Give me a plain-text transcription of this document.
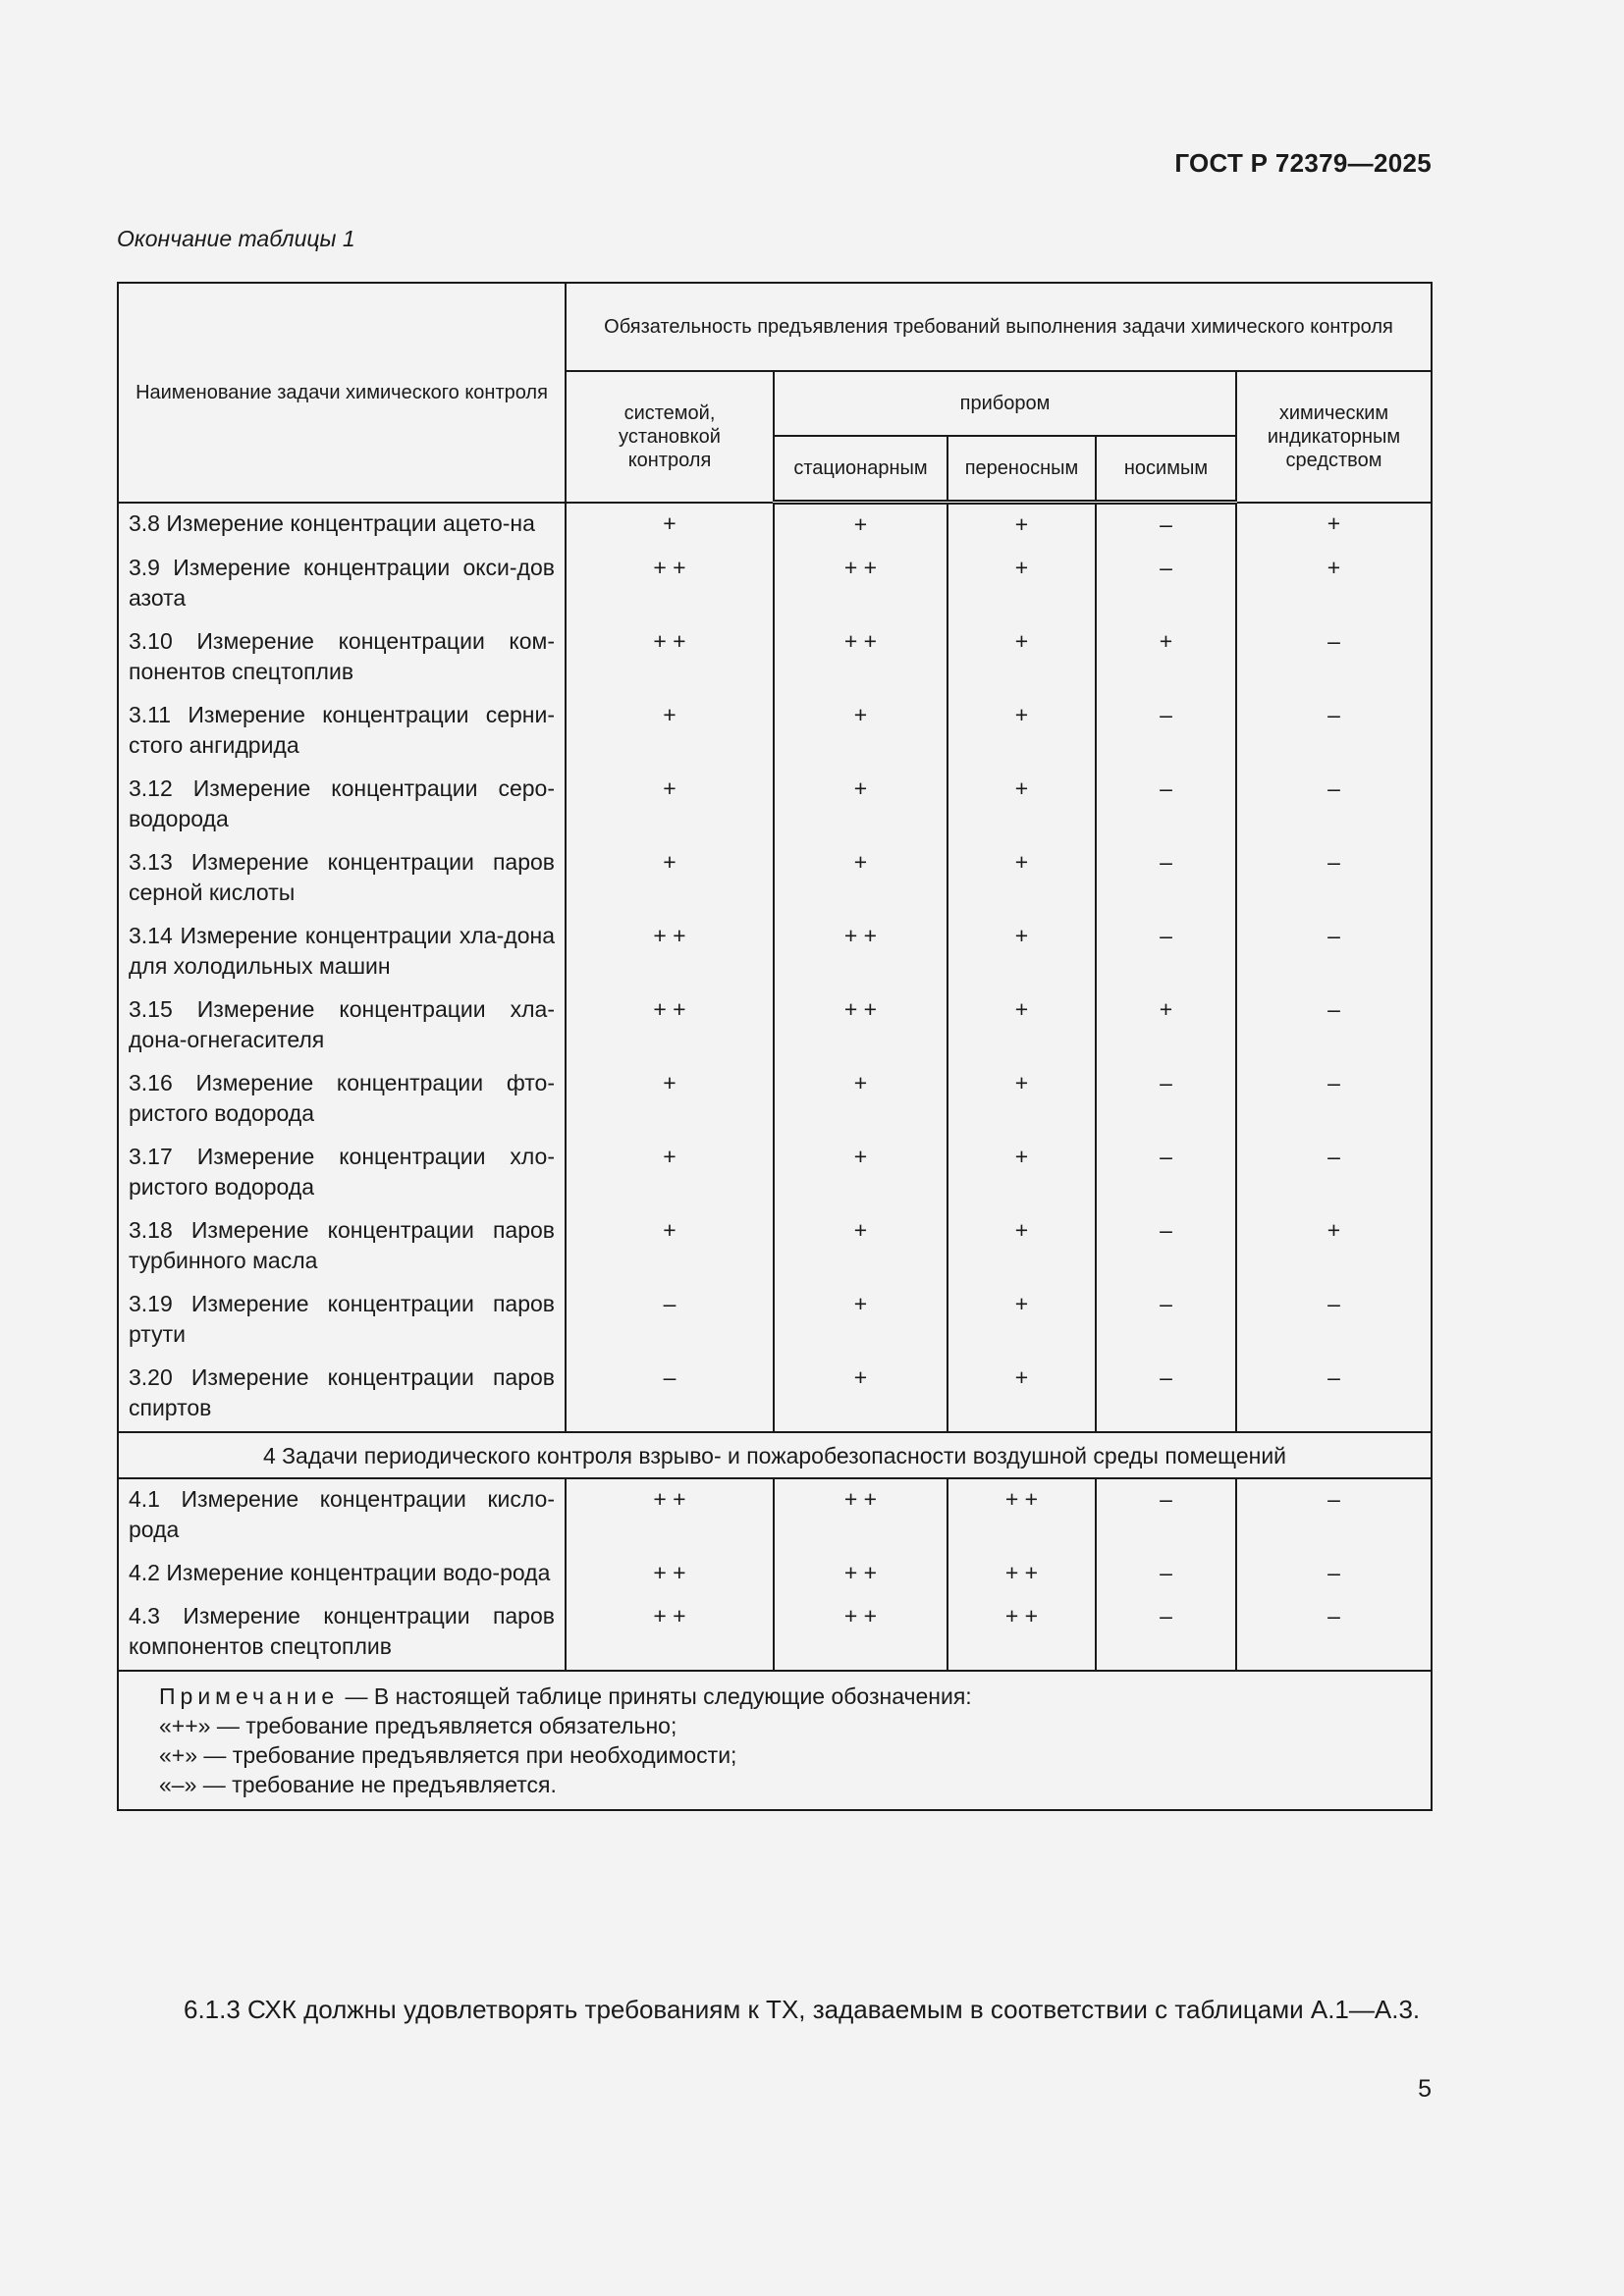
ГОСТ Р 72379—2025
Окончание таблицы 1
Наименование задачи химического контроля	Обязательность предъявления требований выполнения задачи химического контроля				
	системой, установкой контроля	прибором			химическим индикаторным средством
		стационарным	переносным	носимым	
3.8 Измерение концентрации ацето-на	+	+	+	–	+
3.9 Измерение концентрации окси-дов азота	+ +	+ +	+	–	+
3.10 Измерение концентрации ком-понентов спецтоплив	+ +	+ +	+	+	–
3.11 Измерение концентрации серни-стого ангидрида	+	+	+	–	–
3.12 Измерение концентрации серо-водорода	+	+	+	–	–
3.13 Измерение концентрации паров серной кислоты	+	+	+	–	–
3.14 Измерение концентрации хла-дона для холодильных машин	+ +	+ +	+	–	–
3.15 Измерение концентрации хла-дона-огнегасителя	+ +	+ +	+	+	–
3.16 Измерение концентрации фто-ристого водорода	+	+	+	–	–
3.17 Измерение концентрации хло-ристого водорода	+	+	+	–	–
3.18 Измерение концентрации паров турбинного масла	+	+	+	–	+
3.19 Измерение концентрации паров ртути	–	+	+	–	–
3.20 Измерение концентрации паров спиртов	–	+	+	–	–
4 Задачи периодического контроля взрыво- и пожаробезопасности воздушной среды помещений					
4.1 Измерение концентрации кисло-рода	+ +	+ +	+ +	–	–
4.2 Измерение концентрации водо-рода	+ +	+ +	+ +	–	–
4.3 Измерение концентрации паров компонентов спецтоплив	+ +	+ +	+ +	–	–

Примечание — В настоящей таблице приняты следующие обозначения:
«++» — требование предъявляется обязательно;
«+» — требование предъявляется при необходимости;
«–» — требование не предъявляется.					

6.1.3 СХК должны удовлетворять требованиям к ТХ, задаваемым в соответствии с таблицами А.1—А.3.

5
